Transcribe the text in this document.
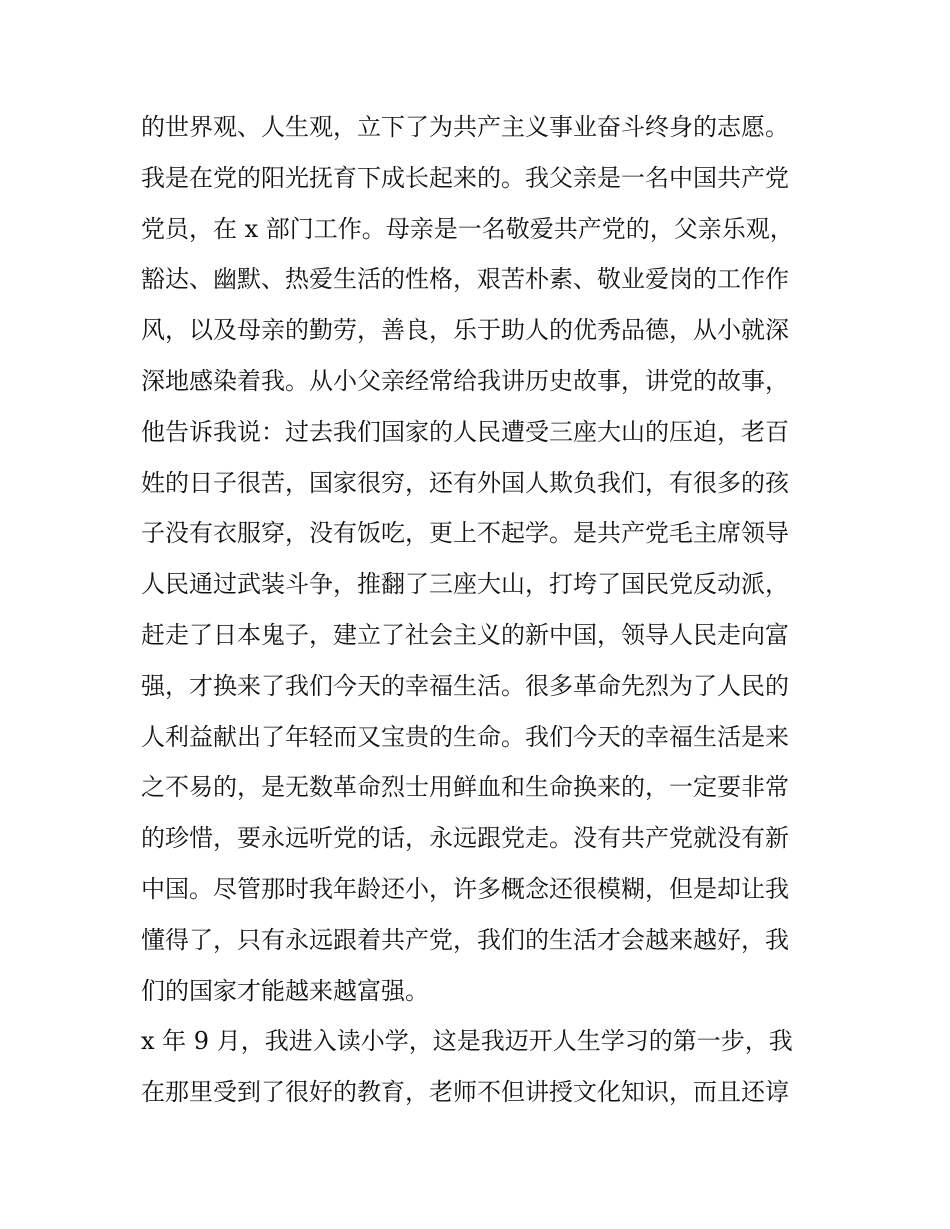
的世界观、人生观，立下了为共产主义事业奋斗终身的志愿。
我是在党的阳光抚育下成长起来的。我父亲是一名中国共产党
党员，在 x 部门工作。母亲是一名敬爱共产党的，父亲乐观，
豁达、幽默、热爱生活的性格，艰苦朴素、敬业爱岗的工作作
风，以及母亲的勤劳，善良，乐于助人的优秀品德，从小就深
深地感染着我。从小父亲经常给我讲历史故事，讲党的故事，
他告诉我说：过去我们国家的人民遭受三座大山的压迫，老百
姓的日子很苦，国家很穷，还有外国人欺负我们，有很多的孩
子没有衣服穿，没有饭吃，更上不起学。是共产党毛主席领导
人民通过武装斗争，推翻了三座大山，打垮了国民党反动派，
赶走了日本鬼子，建立了社会主义的新中国，领导人民走向富
强，才换来了我们今天的幸福生活。很多革命先烈为了人民的
人利益献出了年轻而又宝贵的生命。我们今天的幸福生活是来
之不易的，是无数革命烈士用鲜血和生命换来的，一定要非常
的珍惜，要永远听党的话，永远跟党走。没有共产党就没有新
中国。尽管那时我年龄还小，许多概念还很模糊，但是却让我
懂得了，只有永远跟着共产党，我们的生活才会越来越好，我
们的国家才能越来越富强。
x 年 9 月，我进入读小学，这是我迈开人生学习的第一步，我
在那里受到了很好的教育，老师不但讲授文化知识，而且还谆
